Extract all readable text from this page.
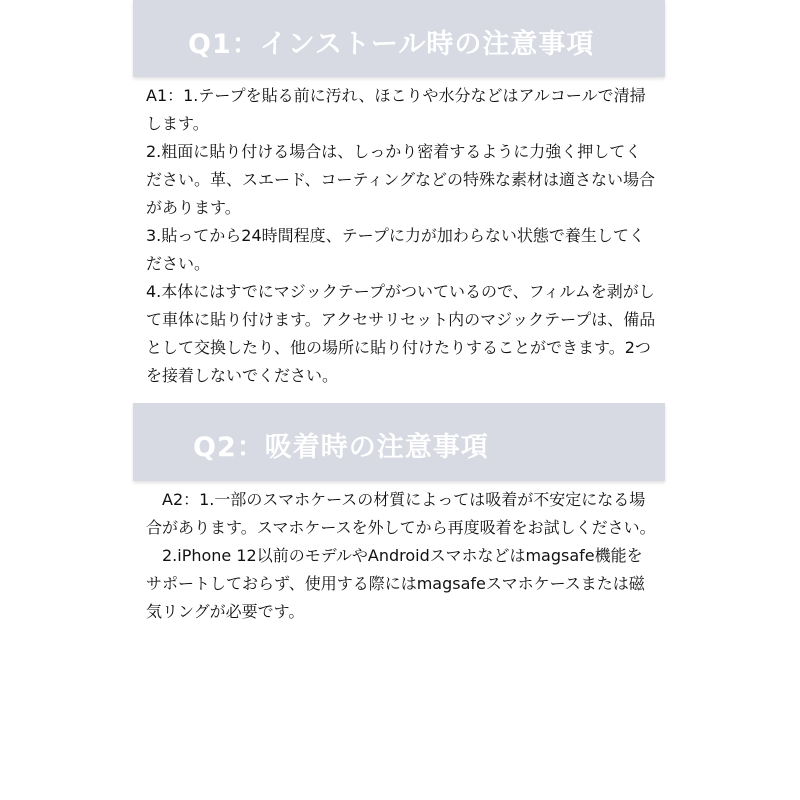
Q1：インストール時の注意事項

A1：1.テープを貼る前に汚れ、ほこりや水分などはアルコールで清掃します。

2.粗面に貼り付ける場合は、しっかり密着するように力強く押してください。革、スエード、コーティングなどの特殊な素材は適さない場合があります。

3.貼ってから24時間程度、テープに力が加わらない状態で養生してください。

4.本体にはすでにマジックテープがついているので、フィルムを剥がして車体に貼り付けます。アクセサリセット内のマジックテープは、備品として交換したり、他の場所に貼り付けたりすることができます。2つを接着しないでください。

Q2：吸着時の注意事項

A2：1.一部のスマホケースの材質によっては吸着が不安定になる場合があります。スマホケースを外してから再度吸着をお試しください。

2.iPhone 12以前のモデルやAndroidスマホなどはmagsafe機能をサポートしておらず、使用する際にはmagsafeスマホケースまたは磁気リングが必要です。
